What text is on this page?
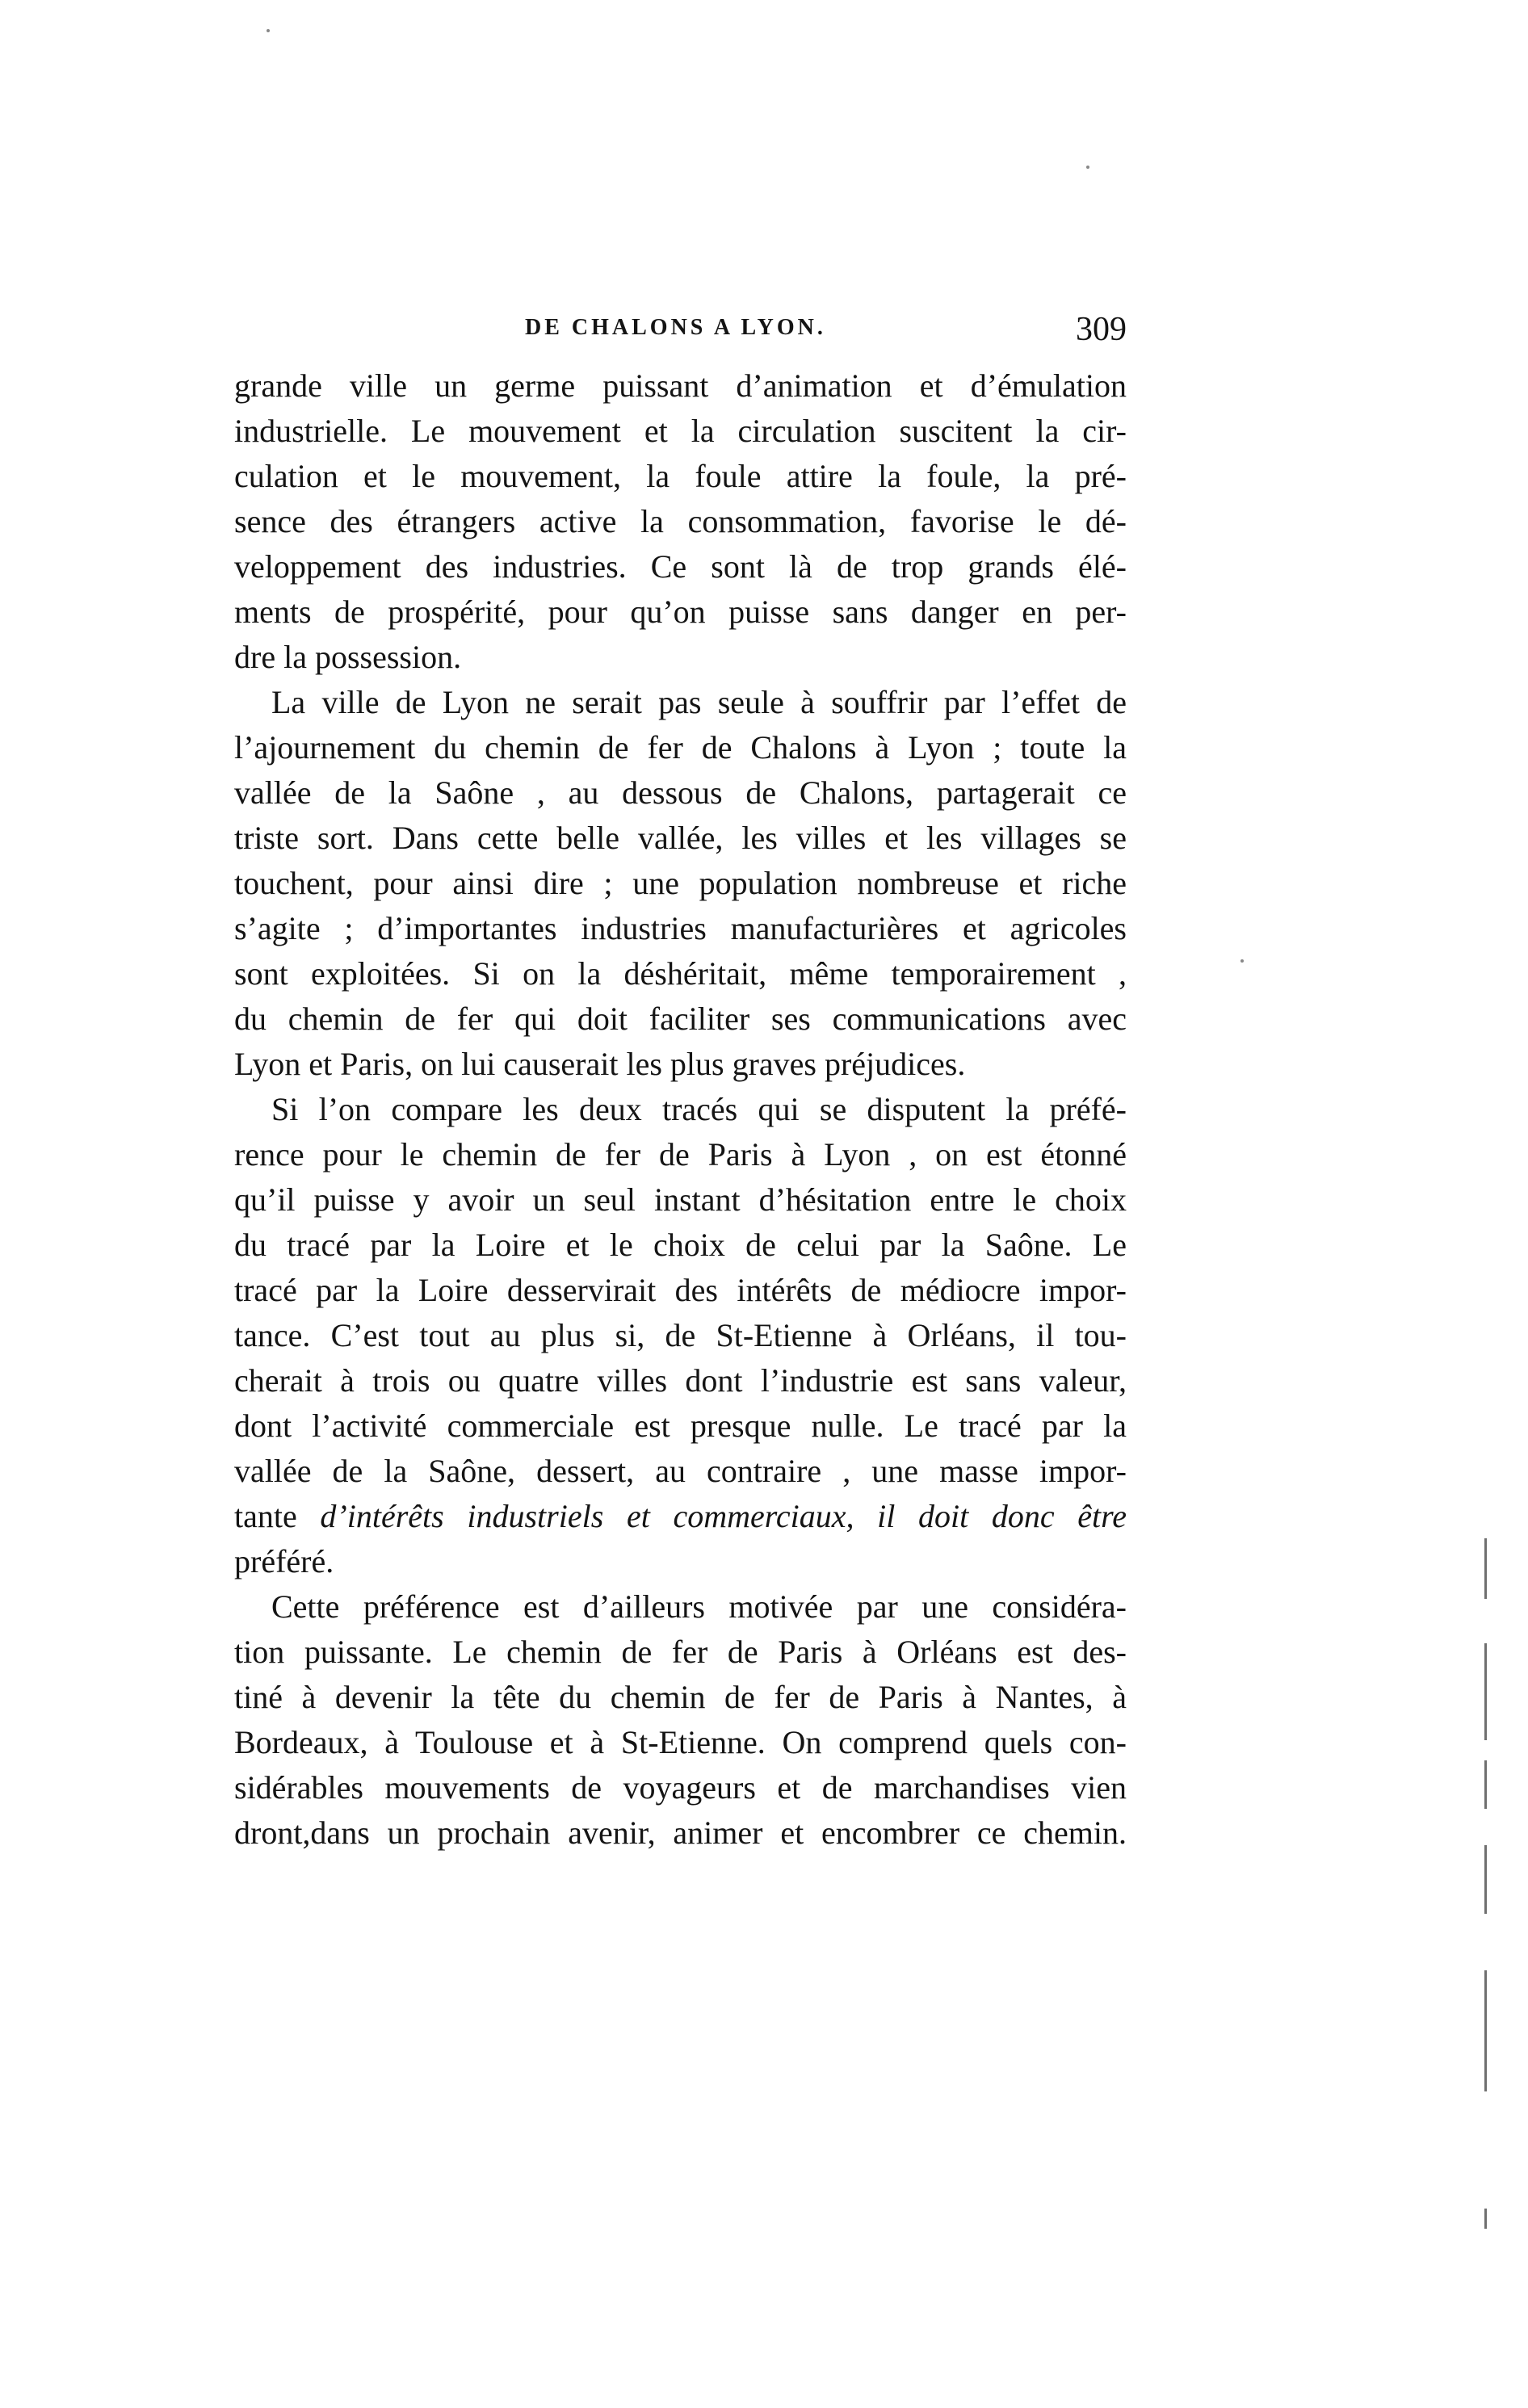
DE CHALONS A LYON.	309
grande ville un germe puissant d’animation et d’émulation
industrielle. Le mouvement et la circulation suscitent la cir-
culation et le mouvement, la foule attire la foule, la pré-
sence des étrangers active la consommation, favorise le dé-
veloppement des industries. Ce sont là de trop grands élé-
ments de prospérité, pour qu’on puisse sans danger en per-
dre la possession.
La ville de Lyon ne serait pas seule à souffrir par l’effet de
l’ajournement du chemin de fer de Chalons à Lyon ; toute la
vallée de la Saône , au dessous de Chalons, partagerait ce
triste sort. Dans cette belle vallée, les villes et les villages se
touchent, pour ainsi dire ; une population nombreuse et riche
s’agite ; d’importantes industries manufacturières et agricoles
sont exploitées. Si on la déshéritait, même temporairement ,
du chemin de fer qui doit faciliter ses communications avec
Lyon et Paris, on lui causerait les plus graves préjudices.
Si l’on compare les deux tracés qui se disputent la préfé-
rence pour le chemin de fer de Paris à Lyon , on est étonné
qu’il puisse y avoir un seul instant d’hésitation entre le choix
du tracé par la Loire et le choix de celui par la Saône. Le
tracé par la Loire desservirait des intérêts de médiocre impor-
tance. C’est tout au plus si, de St-Etienne à Orléans, il tou-
cherait à trois ou quatre villes dont l’industrie est sans valeur,
dont l’activité commerciale est presque nulle. Le tracé par la
vallée de la Saône, dessert, au contraire , une masse impor-
tante d’intérêts industriels et commerciaux, il doit donc être
préféré.
Cette préférence est d’ailleurs motivée par une considéra-
tion puissante. Le chemin de fer de Paris à Orléans est des-
tiné à devenir la tête du chemin de fer de Paris à Nantes, à
Bordeaux, à Toulouse et à St-Etienne. On comprend quels con-
sidérables mouvements de voyageurs et de marchandises vien
dront,dans un prochain avenir, animer et encombrer ce chemin.
